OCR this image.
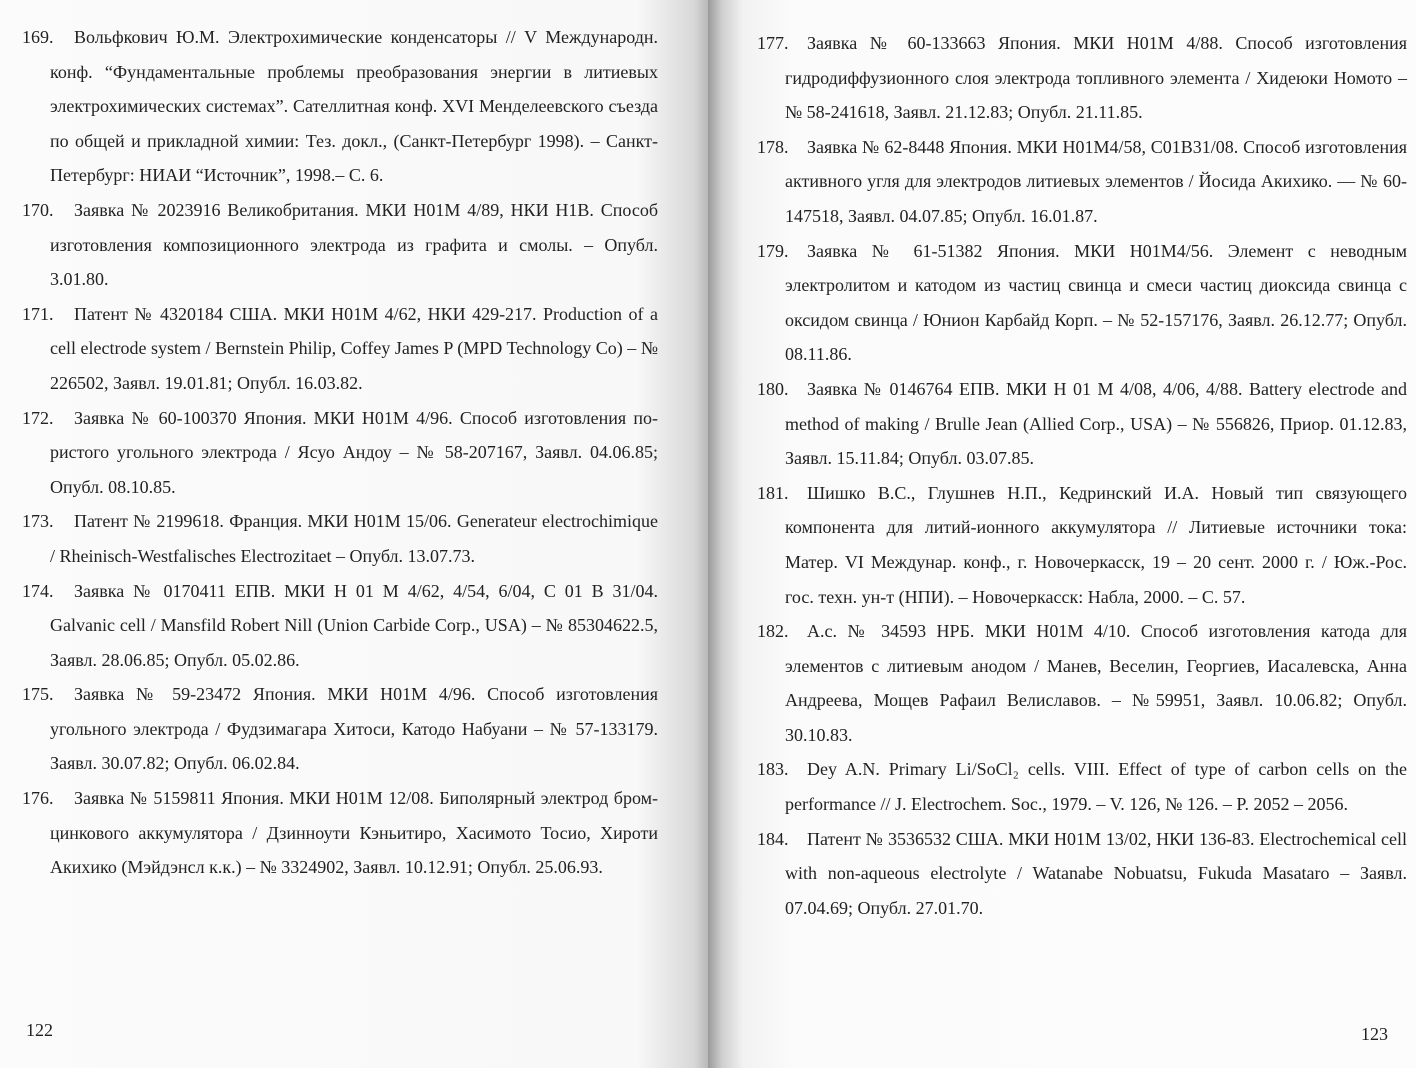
169.	Вольфкович Ю.М. Электрохимические конденсаторы // V Международн. конф. “Фундаментальные проблемы преобразования энергии в литиевых электрохимических системах”. Сателлитная конф. XVI Менделеевского съезда по общей и прикладной химии: Тез. докл., (Санкт-Петербург 1998). – Санкт-Петербург: НИАИ “Источник”, 1998.– С. 6.
170.	Заявка № 2023916 Великобритания. МКИ Н01М 4/89, НКИ Н1В. Способ изготовления композиционного электрода из графита и смолы. – Опубл. 3.01.80.
171.	Патент № 4320184 США. МКИ Н01М 4/62, НКИ 429-217. Production of a cell electrode system / Bernstein Philip, Coffey James P (MPD Technology Co) – № 226502, Заявл. 19.01.81; Опубл. 16.03.82.
172.	Заявка № 60-100370 Япония. МКИ Н01М 4/96. Способ изготовления пористого угольного электрода / Ясуо Андоу – № 58-207167, Заявл. 04.06.85; Опубл. 08.10.85.
173.	Патент № 2199618. Франция. МКИ Н01М 15/06. Generateur electrochimique / Rheinisch-Westfalisches Electrozitaet – Опубл. 13.07.73.
174.	Заявка № 0170411 ЕПВ. МКИ Н 01 М 4/62, 4/54, 6/04, С 01 В 31/04. Galvanic cell / Mansfild Robert Nill (Union Carbide Corp., USA) – № 85304622.5, Заявл. 28.06.85; Опубл. 05.02.86.
175.	Заявка № 59-23472 Япония. МКИ Н01М 4/96. Способ изготовления угольного электрода / Фудзимагара Хитоси, Катодо Набуани – № 57-133179. Заявл. 30.07.82; Опубл. 06.02.84.
176.	Заявка № 5159811 Япония. МКИ Н01М 12/08. Биполярный электрод бром-цинкового аккумулятора / Дзинноути Кэньитиро, Хасимото Тосио, Хироти Акихико (Мэйдэнсл к.к.) – № 3324902, Заявл. 10.12.91; Опубл. 25.06.93.
122
177.	Заявка № 60-133663 Япония. МКИ Н01М 4/88. Способ изготовления гидродиффузионного слоя электрода топливного элемента / Хидеюки Номото – № 58-241618, Заявл. 21.12.83; Опубл. 21.11.85.
178.	Заявка № 62-8448 Япония. МКИ Н01М4/58, С01В31/08. Способ изготовления активного угля для электродов литиевых элементов / Йосида Акихико. — № 60-147518, Заявл. 04.07.85; Опубл. 16.01.87.
179.	Заявка № 61-51382 Япония. МКИ Н01М4/56. Элемент с неводным электролитом и катодом из частиц свинца и смеси частиц диоксида свинца с оксидом свинца / Юнион Карбайд Корп. – № 52-157176, Заявл. 26.12.77; Опубл. 08.11.86.
180.	Заявка № 0146764 ЕПВ. МКИ Н 01 М 4/08, 4/06, 4/88. Battery electrode and method of making / Brulle Jean (Allied Corp., USA) – № 556826, Приор. 01.12.83, Заявл. 15.11.84; Опубл. 03.07.85.
181.	Шишко В.С., Глушнев Н.П., Кедринский И.А. Новый тип связующего компонента для литий-ионного аккумулятора // Литиевые источники тока: Матер. VI Междунар. конф., г. Новочеркасск, 19 – 20 сент. 2000 г. / Юж.-Рос. гос. техн. ун-т (НПИ). – Новочеркасск: Набла, 2000. – С. 57.
182.	А.с. № 34593 НРБ. МКИ Н01М 4/10. Способ изготовления катода для элементов с литиевым анодом / Манев, Веселин, Георгиев, Иасалевска, Анна Андреева, Мощев Рафаил Велиславов. – №59951, Заявл. 10.06.82; Опубл. 30.10.83.
183.	Dey A.N. Primary Li/SoCl₂ cells. VIII. Effect of type of carbon cells on the performance // J. Electrochem. Soc., 1979. – V. 126, № 126. – P. 2052 – 2056.
184.	Патент № 3536532 США. МКИ Н01М 13/02, НКИ 136-83. Electrochemical cell with non-aqueous electrolyte / Watanabe Nobuatsu, Fukuda Masataro – Заявл. 07.04.69; Опубл. 27.01.70.
123
